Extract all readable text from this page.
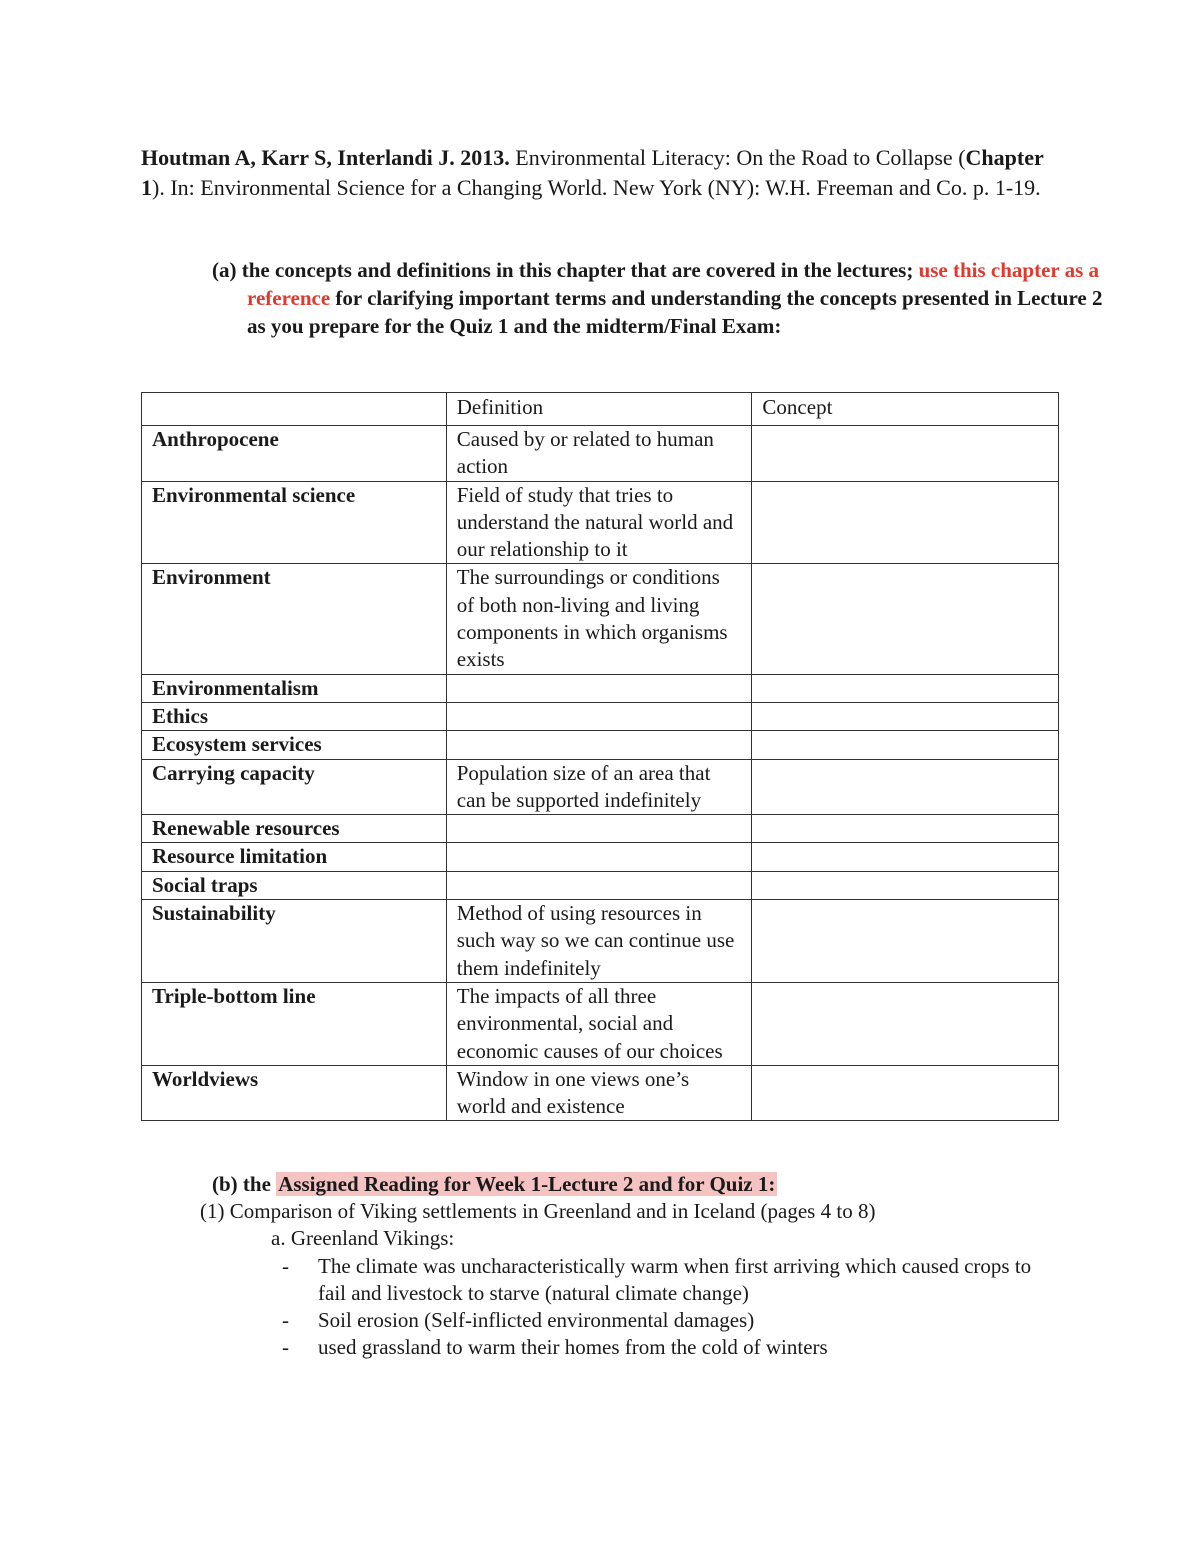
Houtman A, Karr S, Interlandi J. 2013. Environmental Literacy: On the Road to Collapse (Chapter 1). In: Environmental Science for a Changing World. New York (NY): W.H. Freeman and Co. p. 1-19.
(a) the concepts and definitions in this chapter that are covered in the lectures; use this chapter as a reference for clarifying important terms and understanding the concepts presented in Lecture 2 as you prepare for the Quiz 1 and the midterm/Final Exam:
	Definition	Concept
Anthropocene	Caused by or related to human action	
Environmental science	Field of study that tries to understand the natural world and our relationship to it	
Environment	The surroundings or conditions of both non-living and living components in which organisms exists	
Environmentalism		
Ethics		
Ecosystem services		
Carrying capacity	Population size of an area that can be supported indefinitely	
Renewable resources		
Resource limitation		
Social traps		
Sustainability	Method of using resources in such way so we can continue use them indefinitely	
Triple-bottom line	The impacts of all three environmental, social and economic causes of our choices	
Worldviews	Window in one views one’s world and existence	
(b) the Assigned Reading for Week 1-Lecture 2 and for Quiz 1:
(1) Comparison of Viking settlements in Greenland and in Iceland (pages 4 to 8)
a. Greenland Vikings:
- The climate was uncharacteristically warm when first arriving which caused crops to fail and livestock to starve (natural climate change)
- Soil erosion (Self-inflicted environmental damages)
- used grassland to warm their homes from the cold of winters
